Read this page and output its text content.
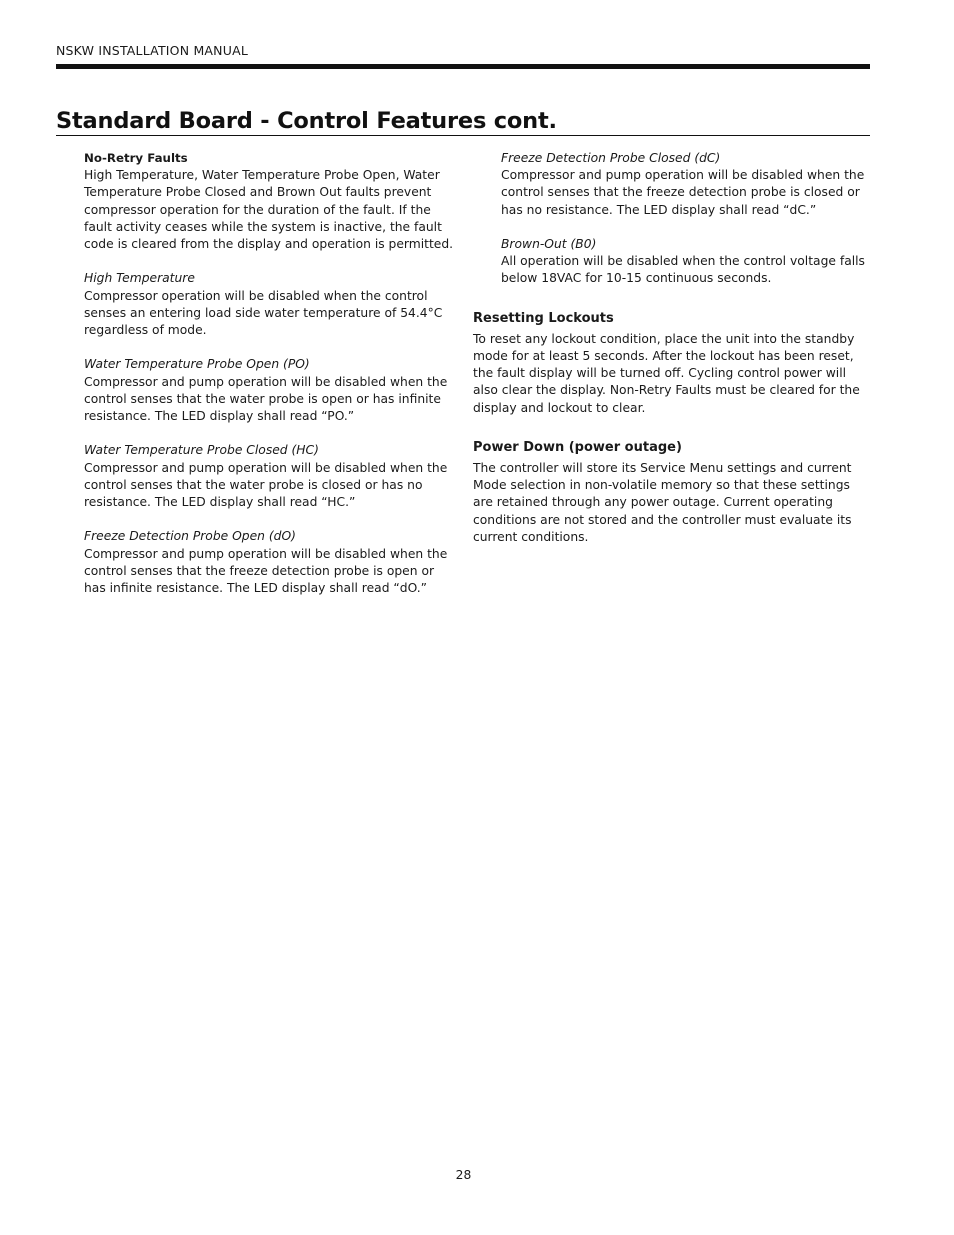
NSKW INSTALLATION MANUAL
Standard Board - Control Features cont.
No-Retry Faults
High Temperature, Water Temperature Probe Open, Water Temperature Probe Closed and Brown Out faults prevent compressor operation for the duration of the fault. If the fault activity ceases while the system is inactive, the fault code is cleared from the display and operation is permitted.
High Temperature
Compressor operation will be disabled when the control senses an entering load side water temperature of 54.4°C regardless of mode.
Water Temperature Probe Open (PO)
Compressor and pump operation will be disabled when the control senses that the water probe is open or has infinite resistance. The LED display shall read “PO.”
Water Temperature Probe Closed (HC)
Compressor and pump operation will be disabled when the control senses that the water probe is closed or has no resistance. The LED display shall read “HC.”
Freeze Detection Probe Open (dO)
Compressor and pump operation will be disabled when the control senses that the freeze detection probe is open or has infinite resistance. The LED display shall read “dO.”
Freeze Detection Probe Closed (dC)
Compressor and pump operation will be disabled when the control senses that the freeze detection probe is closed or has no resistance. The LED display shall read “dC.”
Brown-Out (B0)
All operation will be disabled when the control voltage falls below 18VAC for 10-15 continuous seconds.
Resetting Lockouts
To reset any lockout condition, place the unit into the standby mode for at least 5 seconds. After the lockout has been reset, the fault display will be turned off. Cycling control power will also clear the display. Non-Retry Faults must be cleared for the display and lockout to clear.
Power Down (power outage)
The controller will store its Service Menu settings and current Mode selection in non-volatile memory so that these settings are retained through any power outage. Current operating conditions are not stored and the controller must evaluate its current conditions.
28
